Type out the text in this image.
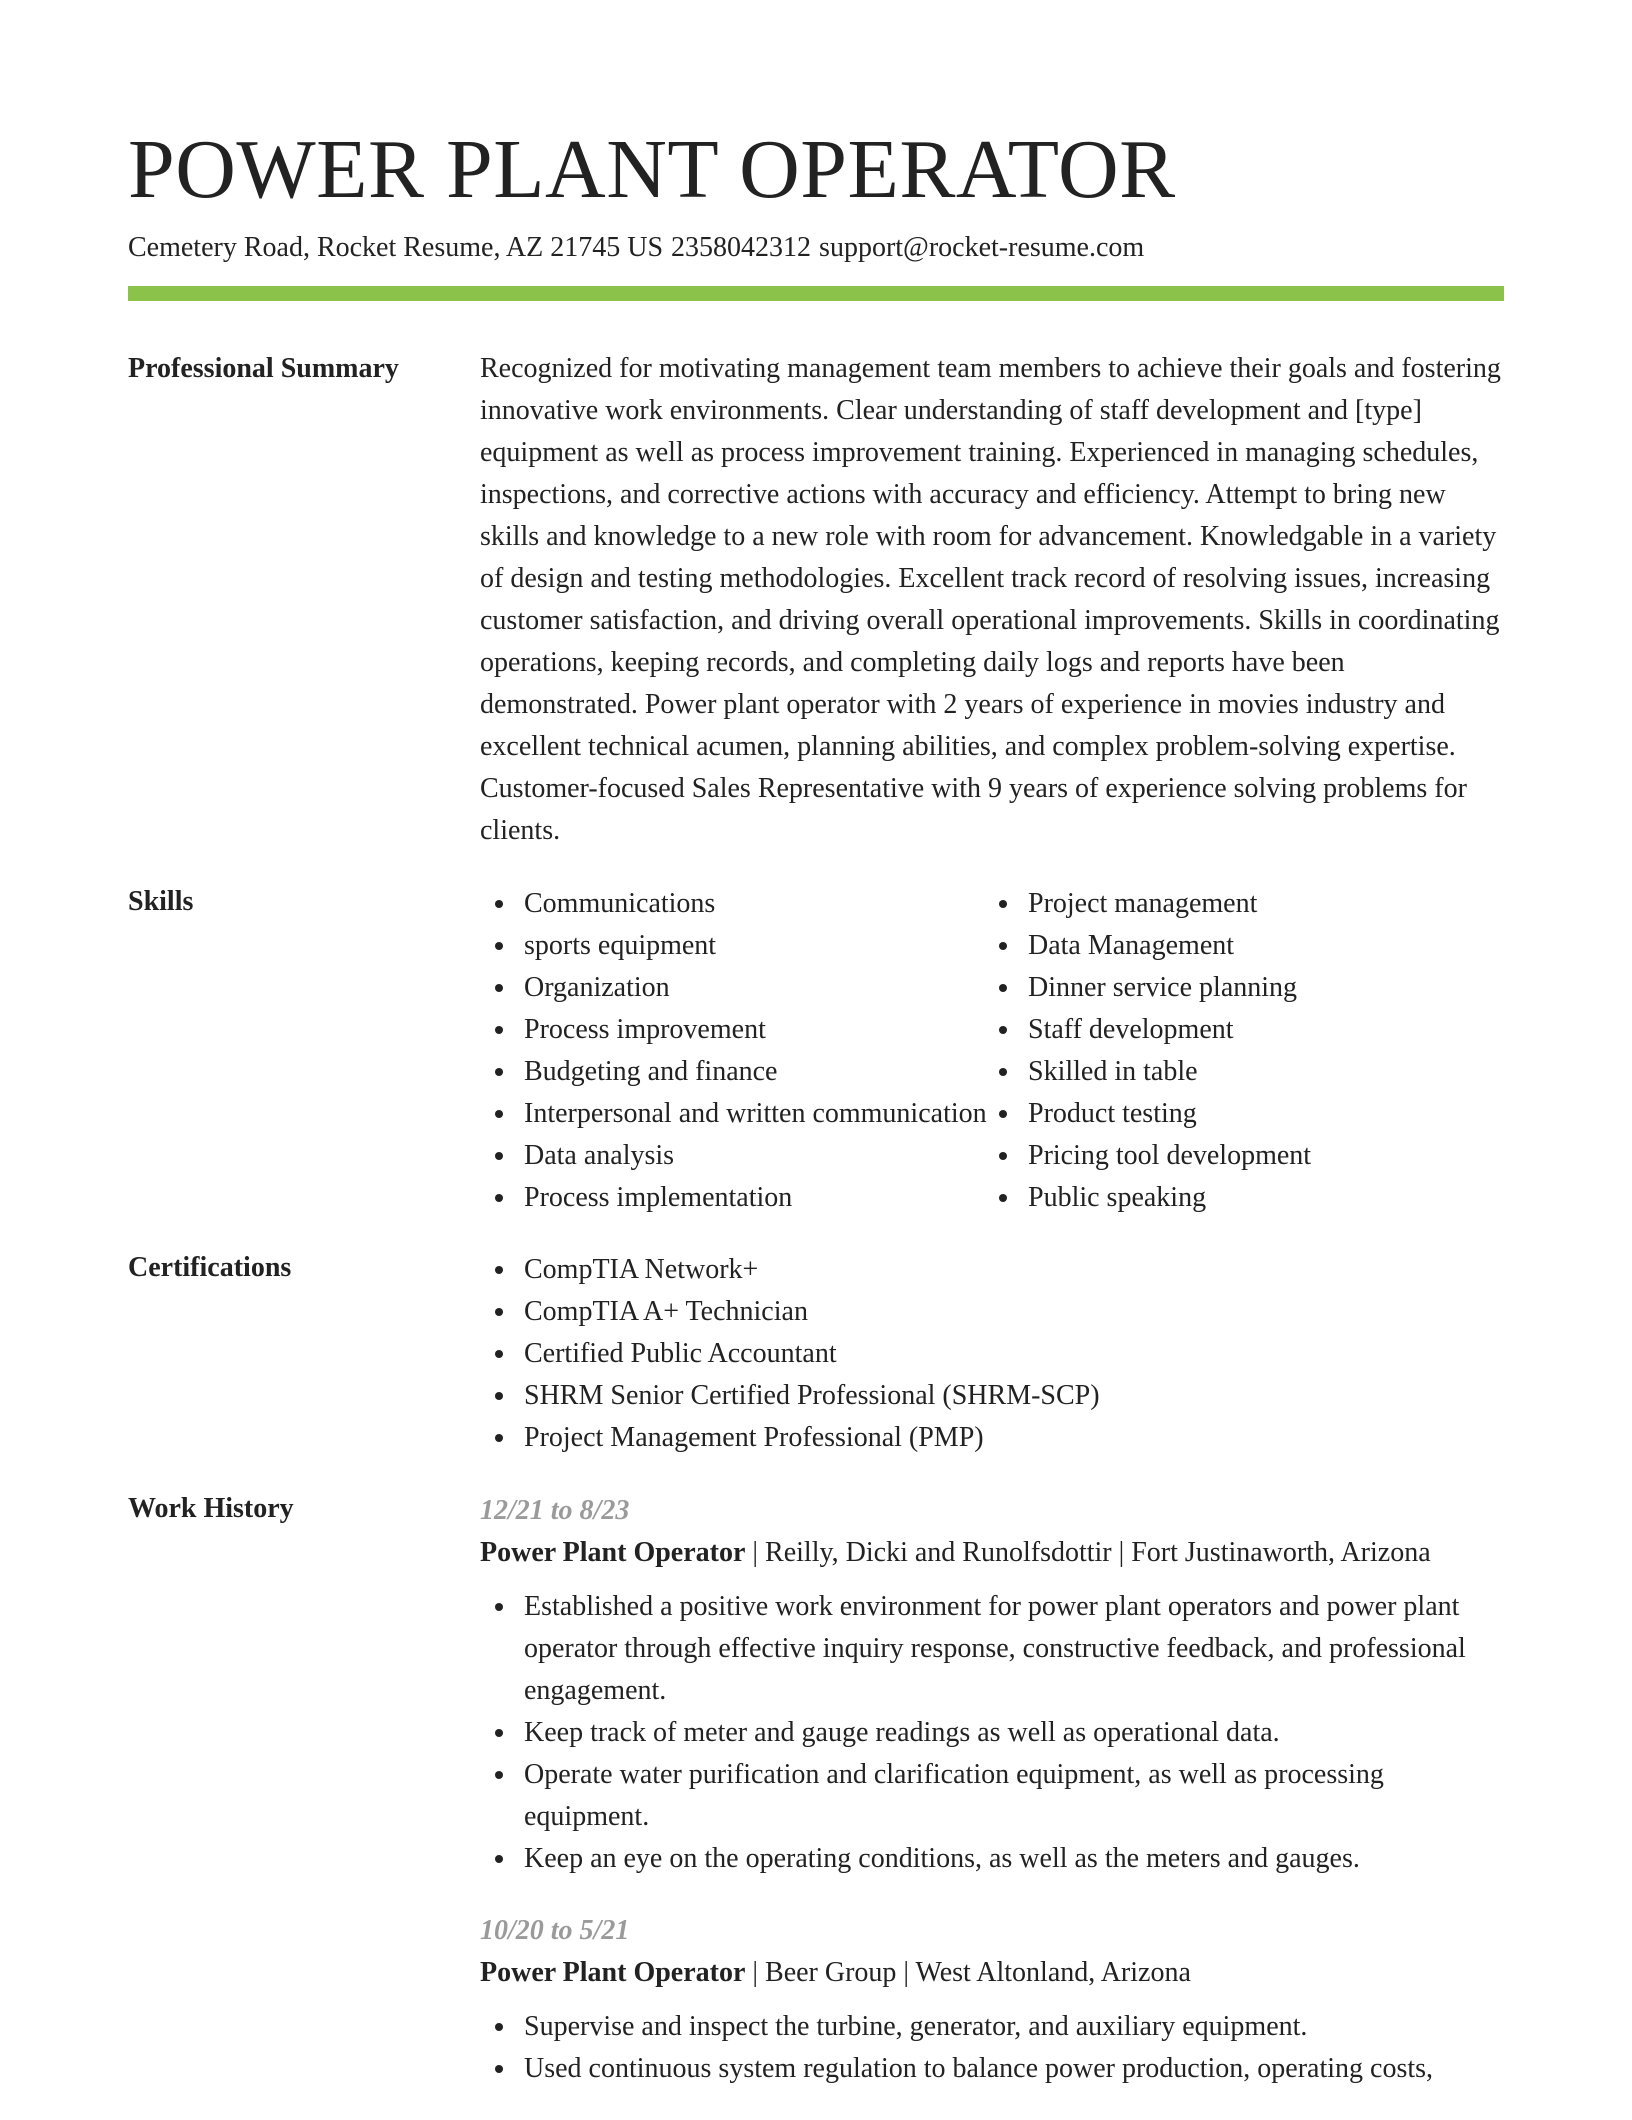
POWER PLANT OPERATOR
Cemetery Road, Rocket Resume, AZ 21745 US 2358042312 support@rocket-resume.com
Professional Summary	Recognized for motivating management team members to achieve their goals and fostering innovative work environments. Clear understanding of staff development and [type] equipment as well as process improvement training. Experienced in managing schedules, inspections, and corrective actions with accuracy and efficiency. Attempt to bring new skills and knowledge to a new role with room for advancement. Knowledgable in a variety of design and testing methodologies. Excellent track record of resolving issues, increasing customer satisfaction, and driving overall operational improvements. Skills in coordinating operations, keeping records, and completing daily logs and reports have been demonstrated. Power plant operator with 2 years of experience in movies industry and excellent technical acumen, planning abilities, and complex problem-solving expertise. Customer-focused Sales Representative with 9 years of experience solving problems for clients.

Skills	Communications
sports equipment
Organization
Process improvement
Budgeting and finance
Interpersonal and written communication
Data analysis
Process implementation
Project management
Data Management
Dinner service planning
Staff development
Skilled in table
Product testing
Pricing tool development
Public speaking
Certifications	CompTIA Network+
CompTIA A+ Technician
Certified Public Accountant
SHRM Senior Certified Professional (SHRM-SCP)
Project Management Professional (PMP)
Work History	12/21 to 8/23
Power Plant Operator | Reilly, Dicki and Runolfsdottir | Fort Justinaworth, Arizona
Established a positive work environment for power plant operators and power plant operator through effective inquiry response, constructive feedback, and professional engagement.
Keep track of meter and gauge readings as well as operational data.
Operate water purification and clarification equipment, as well as processing equipment.
Keep an eye on the operating conditions, as well as the meters and gauges.
10/20 to 5/21
Power Plant Operator | Beer Group | West Altonland, Arizona
Supervise and inspect the turbine, generator, and auxiliary equipment.
Used continuous system regulation to balance power production, operating costs,
